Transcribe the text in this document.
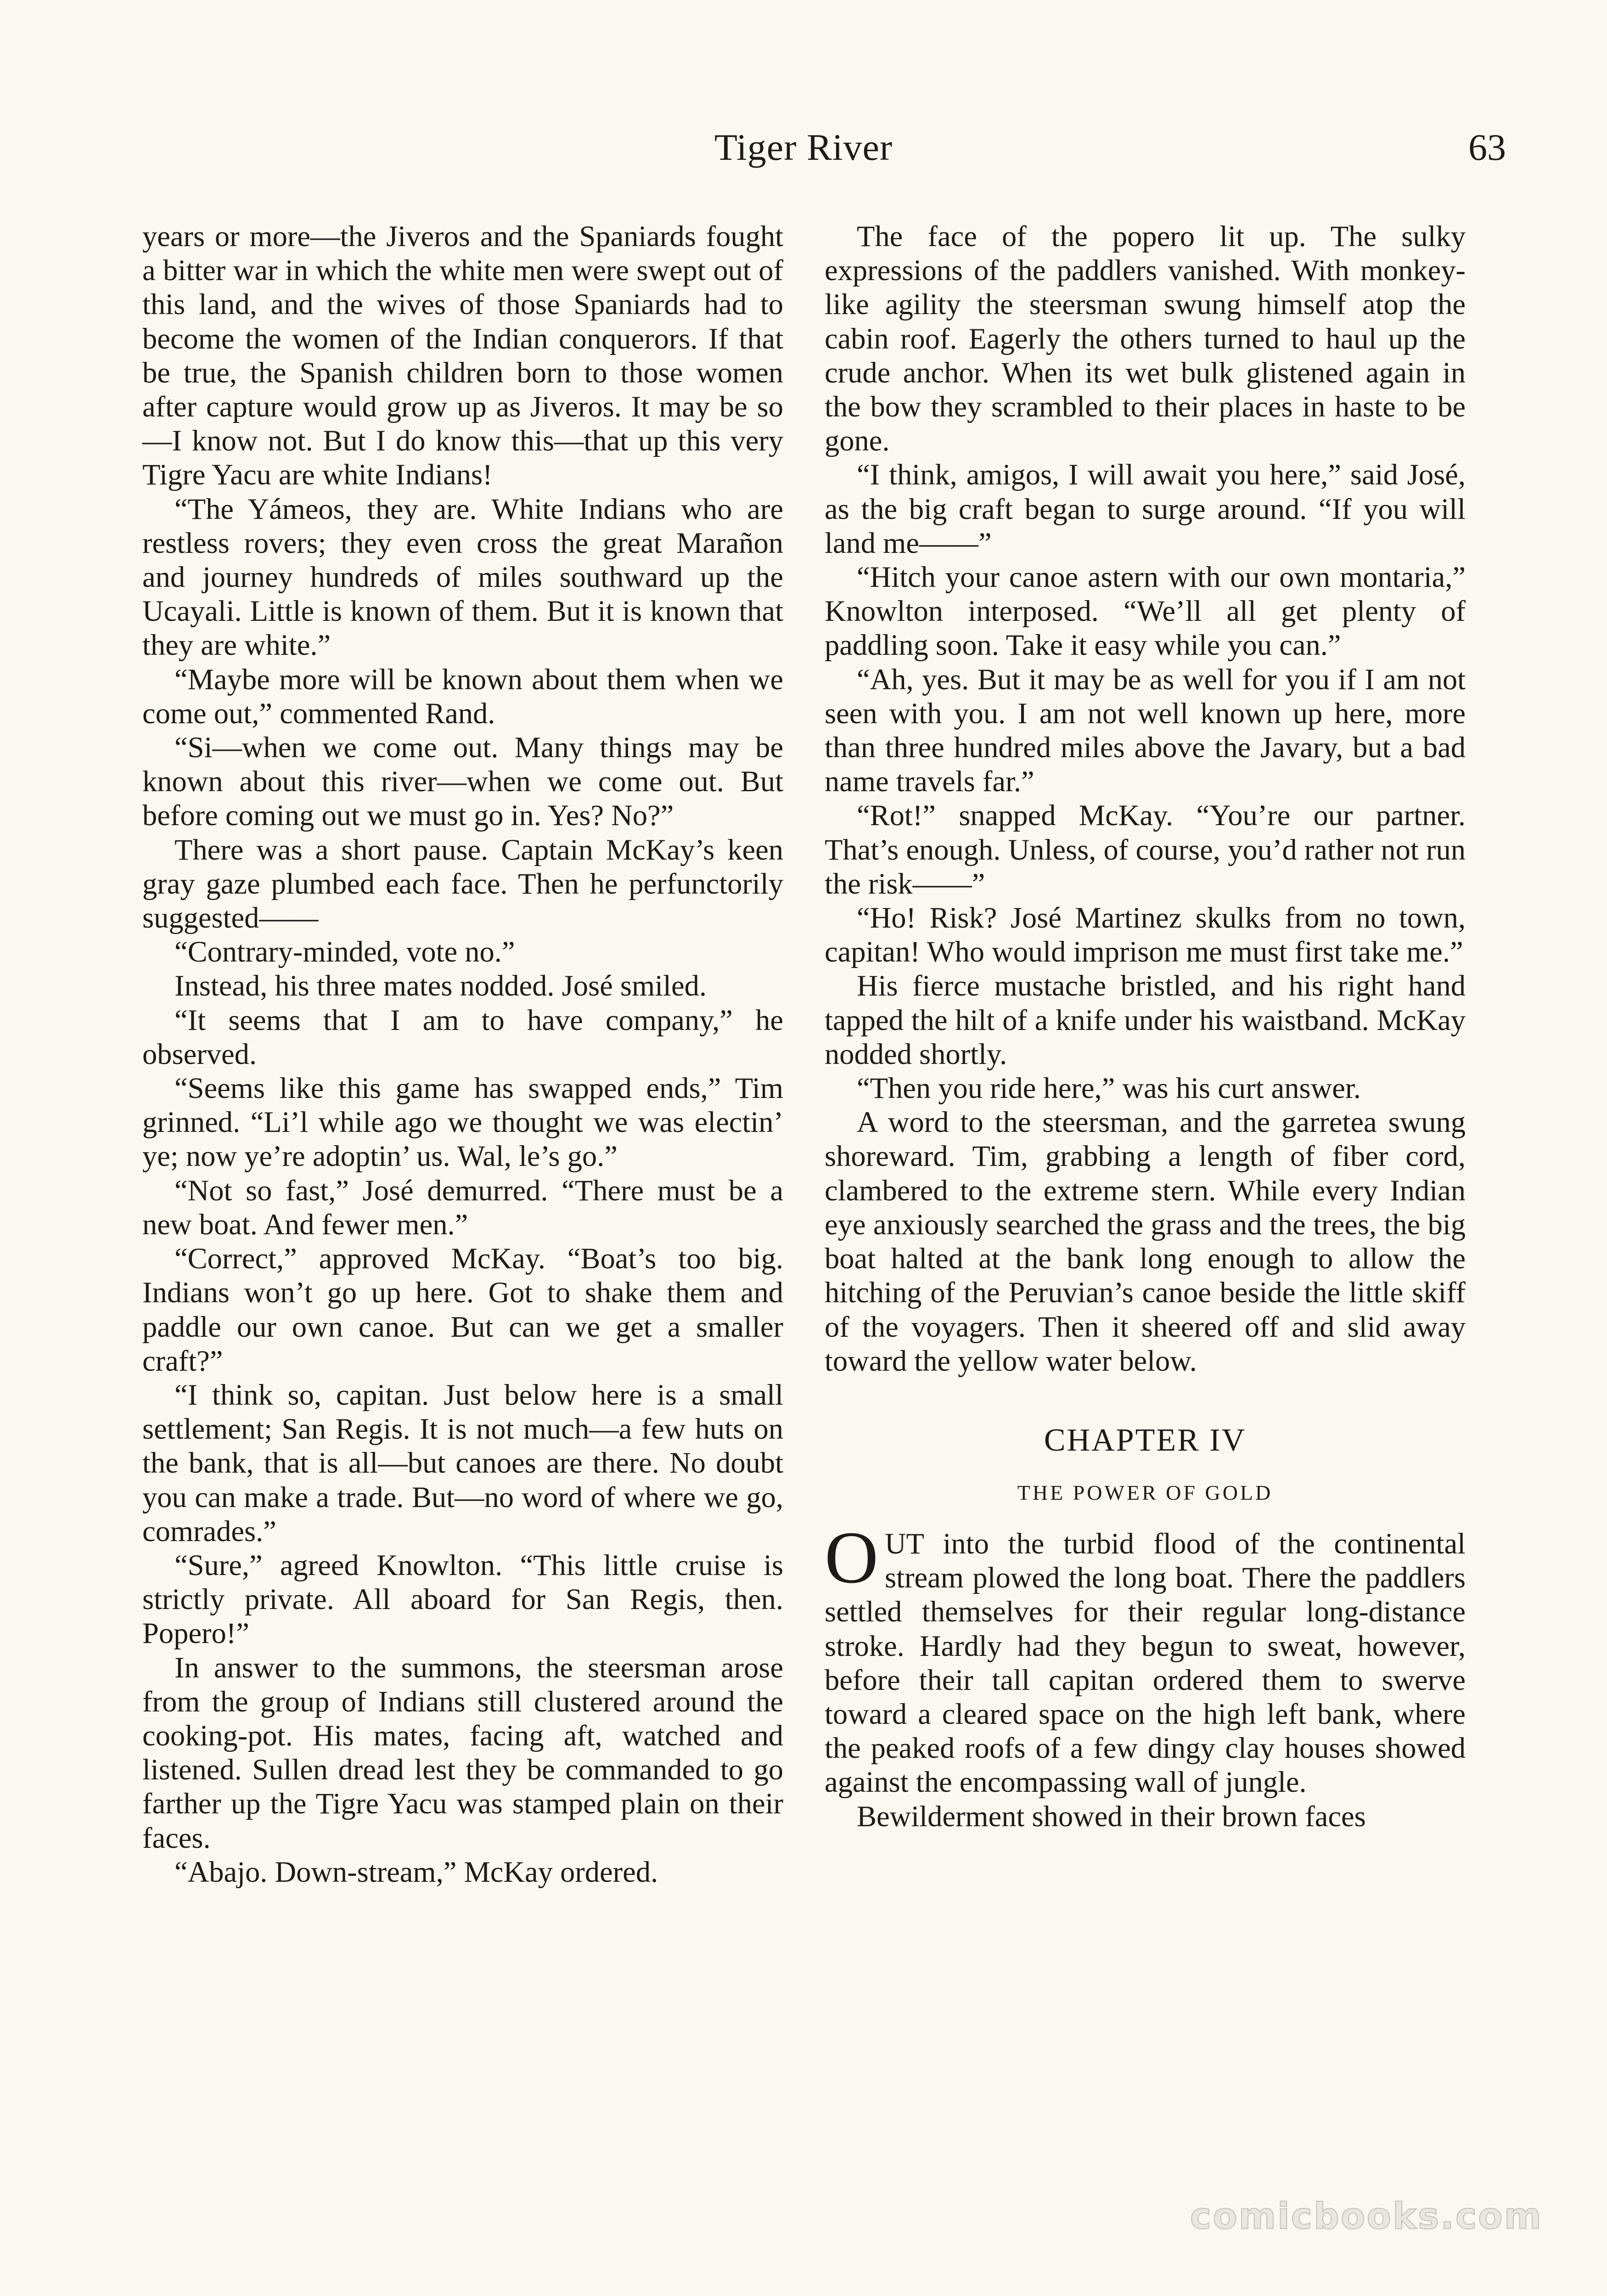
Tiger River	63

years or more—the Jiveros and the Spaniards fought a bitter war in which the white men were swept out of this land, and the wives of those Spaniards had to become the women of the Indian conquerors. If that be true, the Spanish children born to those women after capture would grow up as Jiveros. It may be so—I know not. But I do know this—that up this very Tigre Yacu are white Indians!

“The Yámeos, they are. White Indians who are restless rovers; they even cross the great Marañon and journey hundreds of miles southward up the Ucayali. Little is known of them. But it is known that they are white.”

“Maybe more will be known about them when we come out,” commented Rand.

“Si—when we come out. Many things may be known about this river—when we come out. But before coming out we must go in. Yes? No?”

There was a short pause. Captain McKay’s keen gray gaze plumbed each face. Then he perfunctorily suggested——

“Contrary-minded, vote no.”

Instead, his three mates nodded. José smiled.

“It seems that I am to have company,” he observed.

“Seems like this game has swapped ends,” Tim grinned. “Li’l while ago we thought we was electin’ ye; now ye’re adoptin’ us. Wal, le’s go.”

“Not so fast,” José demurred. “There must be a new boat. And fewer men.”

“Correct,” approved McKay. “Boat’s too big. Indians won’t go up here. Got to shake them and paddle our own canoe. But can we get a smaller craft?”

“I think so, capitan. Just below here is a small settlement; San Regis. It is not much—a few huts on the bank, that is all—but canoes are there. No doubt you can make a trade. But—no word of where we go, comrades.”

“Sure,” agreed Knowlton. “This little cruise is strictly private. All aboard for San Regis, then. Popero!”

In answer to the summons, the steersman arose from the group of Indians still clustered around the cooking-pot. His mates, facing aft, watched and listened. Sullen dread lest they be commanded to go farther up the Tigre Yacu was stamped plain on their faces.

“Abajo. Down-stream,” McKay ordered.

The face of the popero lit up. The sulky expressions of the paddlers vanished. With monkey-like agility the steersman swung himself atop the cabin roof. Eagerly the others turned to haul up the crude anchor. When its wet bulk glistened again in the bow they scrambled to their places in haste to be gone.

“I think, amigos, I will await you here,” said José, as the big craft began to surge around. “If you will land me——”

“Hitch your canoe astern with our own montaria,” Knowlton interposed. “We’ll all get plenty of paddling soon. Take it easy while you can.”

“Ah, yes. But it may be as well for you if I am not seen with you. I am not well known up here, more than three hundred miles above the Javary, but a bad name travels far.”

“Rot!” snapped McKay. “You’re our partner. That’s enough. Unless, of course, you’d rather not run the risk——”

“Ho! Risk? José Martinez skulks from no town, capitan! Who would imprison me must first take me.”

His fierce mustache bristled, and his right hand tapped the hilt of a knife under his waistband. McKay nodded shortly.

“Then you ride here,” was his curt answer.

A word to the steersman, and the garretea swung shoreward. Tim, grabbing a length of fiber cord, clambered to the extreme stern. While every Indian eye anxiously searched the grass and the trees, the big boat halted at the bank long enough to allow the hitching of the Peruvian’s canoe beside the little skiff of the voyagers. Then it sheered off and slid away toward the yellow water below.

CHAPTER IV
THE POWER OF GOLD

OUT into the turbid flood of the continental stream plowed the long boat. There the paddlers settled themselves for their regular long-distance stroke. Hardly had they begun to sweat, however, before their tall capitan ordered them to swerve toward a cleared space on the high left bank, where the peaked roofs of a few dingy clay houses showed against the encompassing wall of jungle.

Bewilderment showed in their brown faces

comicbooks.com
